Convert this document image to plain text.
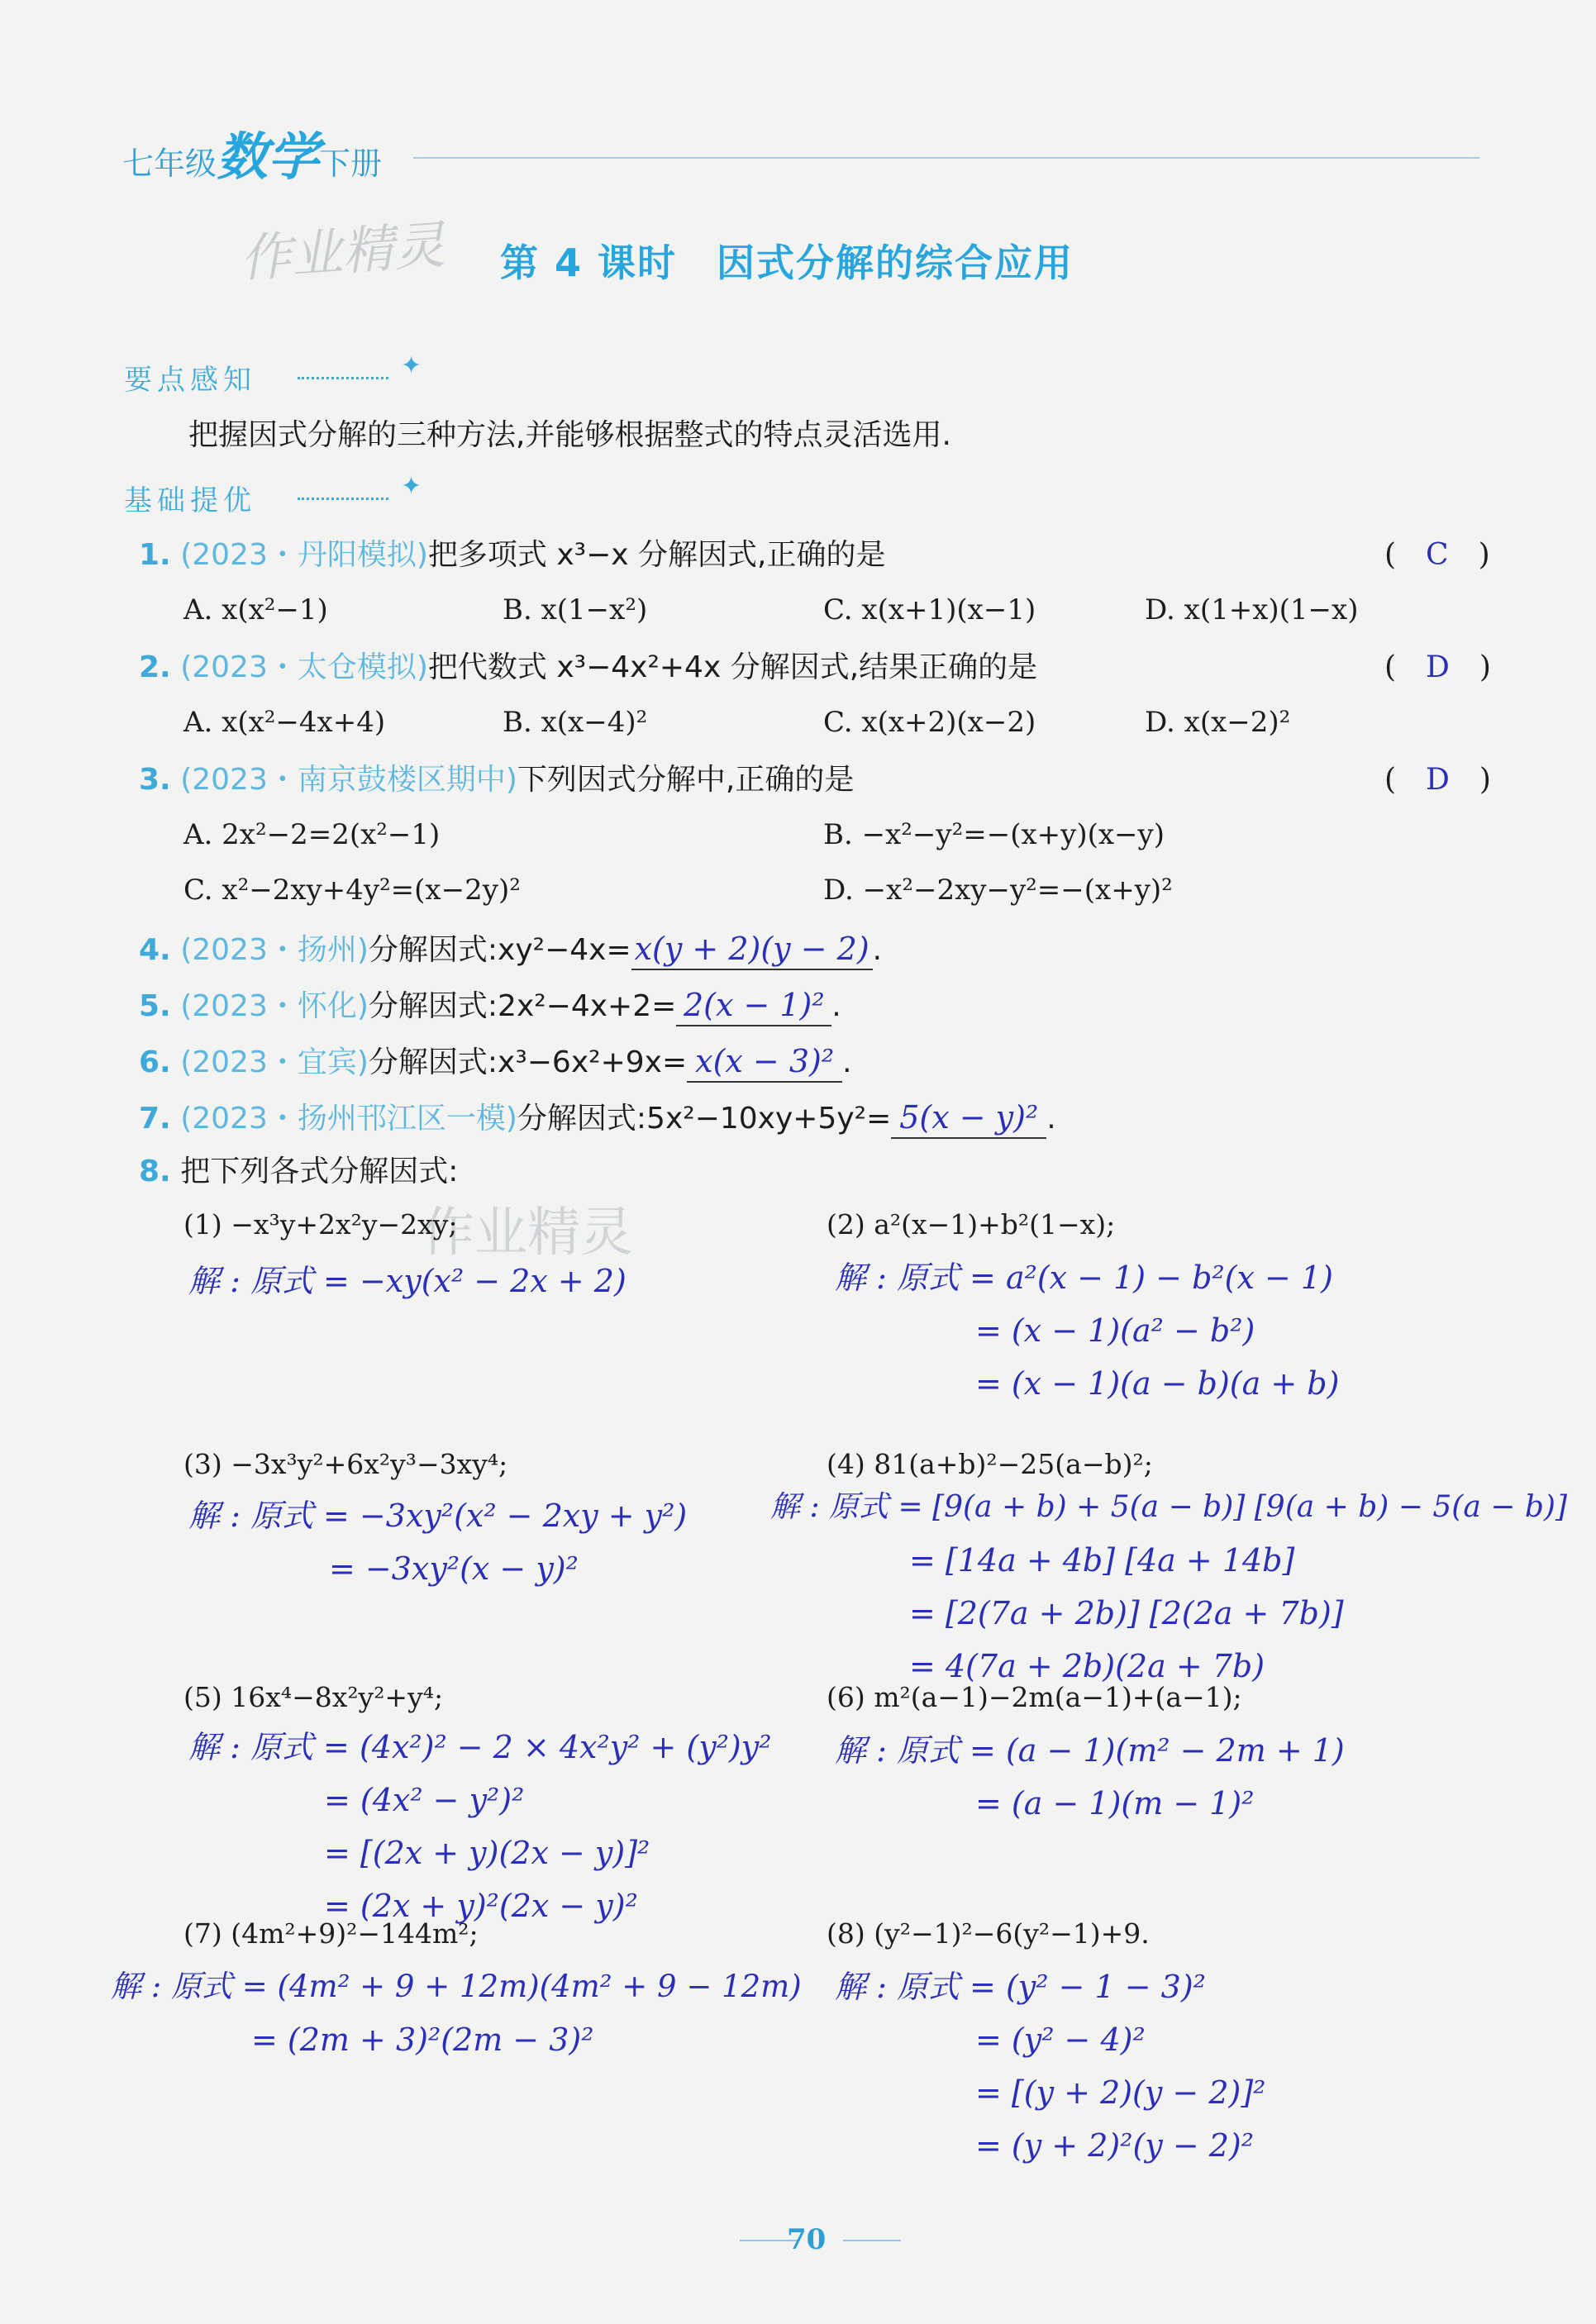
七年级数学下册
作业精灵 第 4 课时　因式分解的综合应用
要点感知	✦
把握因式分解的三种方法,并能够根据整式的特点灵活选用.
基础提优	✦
1. (2023・丹阳模拟)把多项式 x³−x 分解因式,正确的是	(　C　)
A. x(x²−1)	B. x(1−x²)	C. x(x+1)(x−1)	D. x(1+x)(1−x)
2. (2023・太仓模拟)把代数式 x³−4x²+4x 分解因式,结果正确的是	(　D　)
A. x(x²−4x+4)	B. x(x−4)²	C. x(x+2)(x−2)	D. x(x−2)²
3. (2023・南京鼓楼区期中)下列因式分解中,正确的是	(　D　)
A. 2x²−2=2(x²−1)	B. −x²−y²=−(x+y)(x−y)
C. x²−2xy+4y²=(x−2y)²	D. −x²−2xy−y²=−(x+y)²
4. (2023・扬州)分解因式:xy²−4x= x(y + 2)(y − 2) .
5. (2023・怀化)分解因式:2x²−4x+2= 2(x − 1)² .
6. (2023・宜宾)分解因式:x³−6x²+9x= x(x − 3)² .
7. (2023・扬州邗江区一模)分解因式:5x²−10xy+5y²= 5(x − y)² .
8. 把下列各式分解因式:
作业精灵
(1) −x³y+2x²y−2xy;
解 : 原式 = −xy(x² − 2x + 2)
(2) a²(x−1)+b²(1−x);
解 : 原式 = a²(x − 1) − b²(x − 1)
= (x − 1)(a² − b²)
= (x − 1)(a − b)(a + b)
(3) −3x³y²+6x²y³−3xy⁴;
解 : 原式 = −3xy²(x² − 2xy + y²)
= −3xy²(x − y)²
(4) 81(a+b)²−25(a−b)²;
解 : 原式 = [9(a + b) + 5(a − b)] [9(a + b) − 5(a − b)]
= [14a + 4b] [4a + 14b]
= [2(7a + 2b)] [2(2a + 7b)]
= 4(7a + 2b)(2a + 7b)
(5) 16x⁴−8x²y²+y⁴;
解 : 原式 = (4x²)² − 2 × 4x²y² + (y²)y²
= (4x² − y²)²
= [(2x + y)(2x − y)]²
= (2x + y)²(2x − y)²
(6) m²(a−1)−2m(a−1)+(a−1);
解 : 原式 = (a − 1)(m² − 2m + 1)
= (a − 1)(m − 1)²
(7) (4m²+9)²−144m²;
解 : 原式 = (4m² + 9 + 12m)(4m² + 9 − 12m)
= (2m + 3)²(2m − 3)²
(8) (y²−1)²−6(y²−1)+9.
解 : 原式 = (y² − 1 − 3)²
= (y² − 4)²
= [(y + 2)(y − 2)]²
= (y + 2)²(y − 2)²
70
